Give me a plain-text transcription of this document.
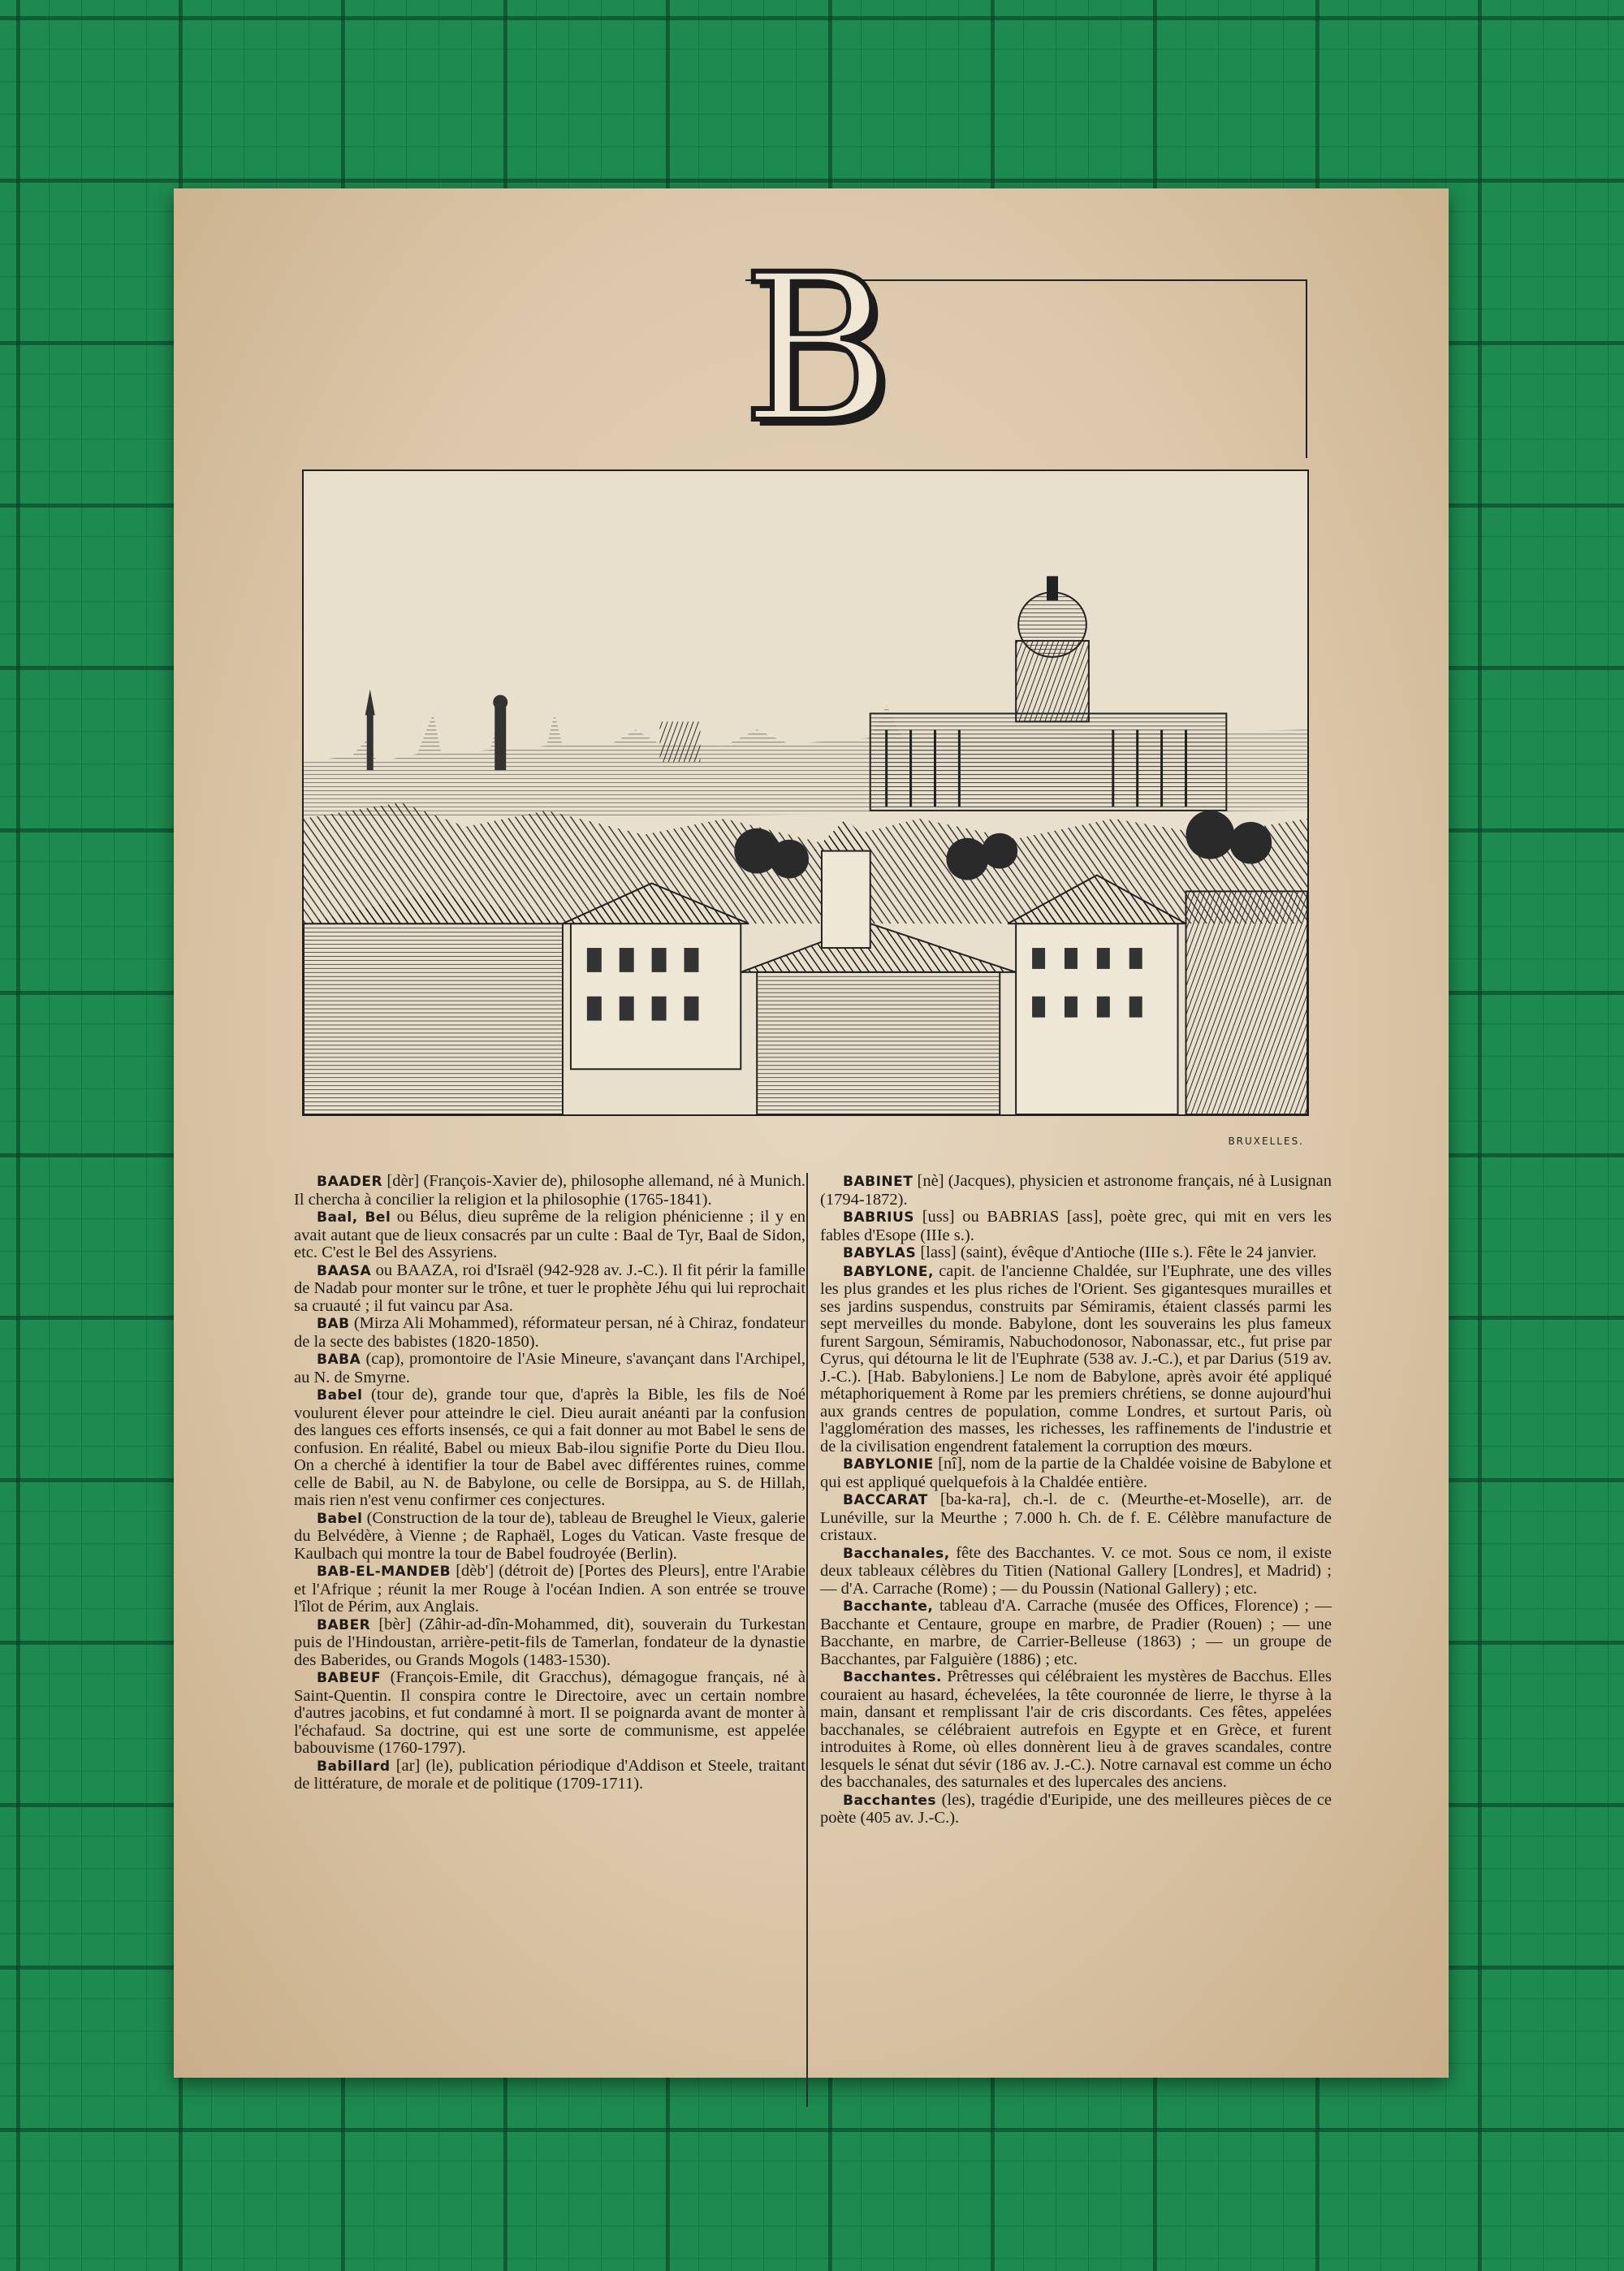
B
BRUXELLES.

BAADER [dèr] (François-Xavier de), philosophe allemand, né à Munich. Il chercha à concilier la religion et la philosophie (1765-1841).

Baal, Bel ou Bélus, dieu suprême de la religion phénicienne ; il y en avait autant que de lieux consacrés par un culte : Baal de Tyr, Baal de Sidon, etc. C'est le Bel des Assyriens.

BAASA ou BAAZA, roi d'Israël (942-928 av. J.-C.). Il fit périr la famille de Nadab pour monter sur le trône, et tuer le prophète Jéhu qui lui reprochait sa cruauté ; il fut vaincu par Asa.

BAB (Mirza Ali Mohammed), réformateur persan, né à Chiraz, fondateur de la secte des babistes (1820-1850).

BABA (cap), promontoire de l'Asie Mineure, s'avançant dans l'Archipel, au N. de Smyrne.

Babel (tour de), grande tour que, d'après la Bible, les fils de Noé voulurent élever pour atteindre le ciel. Dieu aurait anéanti par la confusion des langues ces efforts insensés, ce qui a fait donner au mot Babel le sens de confusion. En réalité, Babel ou mieux Bab-ilou signifie Porte du Dieu Ilou. On a cherché à identifier la tour de Babel avec différentes ruines, comme celle de Babil, au N. de Babylone, ou celle de Borsippa, au S. de Hillah, mais rien n'est venu confirmer ces conjectures.

Babel (Construction de la tour de), tableau de Breughel le Vieux, galerie du Belvédère, à Vienne ; de Raphaël, Loges du Vatican. Vaste fresque de Kaulbach qui montre la tour de Babel foudroyée (Berlin).

BAB-EL-MANDEB [dèb'] (détroit de) [Portes des Pleurs], entre l'Arabie et l'Afrique ; réunit la mer Rouge à l'océan Indien. A son entrée se trouve l'îlot de Périm, aux Anglais.

BABER [bèr] (Zâhir-ad-dîn-Mohammed, dit), souverain du Turkestan puis de l'Hindoustan, arrière-petit-fils de Tamerlan, fondateur de la dynastie des Baberides, ou Grands Mogols (1483-1530).

BABEUF (François-Emile, dit Gracchus), démagogue français, né à Saint-Quentin. Il conspira contre le Directoire, avec un certain nombre d'autres jacobins, et fut condamné à mort. Il se poignarda avant de monter à l'échafaud. Sa doctrine, qui est une sorte de communisme, est appelée babouvisme (1760-1797).

Babillard [ar] (le), publication périodique d'Addison et Steele, traitant de littérature, de morale et de politique (1709-1711).

BABINET [nè] (Jacques), physicien et astronome français, né à Lusignan (1794-1872).

BABRIUS [uss] ou BABRIAS [ass], poète grec, qui mit en vers les fables d'Esope (IIIe s.).

BABYLAS [lass] (saint), évêque d'Antioche (IIIe s.). Fête le 24 janvier.

BABYLONE, capit. de l'ancienne Chaldée, sur l'Euphrate, une des villes les plus grandes et les plus riches de l'Orient. Ses gigantesques murailles et ses jardins suspendus, construits par Sémiramis, étaient classés parmi les sept merveilles du monde. Babylone, dont les souverains les plus fameux furent Sargoun, Sémiramis, Nabuchodonosor, Nabonassar, etc., fut prise par Cyrus, qui détourna le lit de l'Euphrate (538 av. J.-C.), et par Darius (519 av. J.-C.). [Hab. Babyloniens.] Le nom de Babylone, après avoir été appliqué métaphoriquement à Rome par les premiers chrétiens, se donne aujourd'hui aux grands centres de population, comme Londres, et surtout Paris, où l'agglomération des masses, les richesses, les raffinements de l'industrie et de la civilisation engendrent fatalement la corruption des mœurs.

BABYLONIE [nî], nom de la partie de la Chaldée voisine de Babylone et qui est appliqué quelquefois à la Chaldée entière.

BACCARAT [ba-ka-ra], ch.-l. de c. (Meurthe-et-Moselle), arr. de Lunéville, sur la Meurthe ; 7.000 h. Ch. de f. E. Célèbre manufacture de cristaux.

Bacchanales, fête des Bacchantes. V. ce mot. Sous ce nom, il existe deux tableaux célèbres du Titien (National Gallery [Londres], et Madrid) ; — d'A. Carrache (Rome) ; — du Poussin (National Gallery) ; etc.

Bacchante, tableau d'A. Carrache (musée des Offices, Florence) ; — Bacchante et Centaure, groupe en marbre, de Pradier (Rouen) ; — une Bacchante, en marbre, de Carrier-Belleuse (1863) ; — un groupe de Bacchantes, par Falguière (1886) ; etc.

Bacchantes. Prêtresses qui célébraient les mystères de Bacchus. Elles couraient au hasard, échevelées, la tête couronnée de lierre, le thyrse à la main, dansant et remplissant l'air de cris discordants. Ces fêtes, appelées bacchanales, se célébraient autrefois en Egypte et en Grèce, et furent introduites à Rome, où elles donnèrent lieu à de graves scandales, contre lesquels le sénat dut sévir (186 av. J.-C.). Notre carnaval est comme un écho des bacchanales, des saturnales et des lupercales des anciens.

Bacchantes (les), tragédie d'Euripide, une des meilleures pièces de ce poète (405 av. J.-C.).
